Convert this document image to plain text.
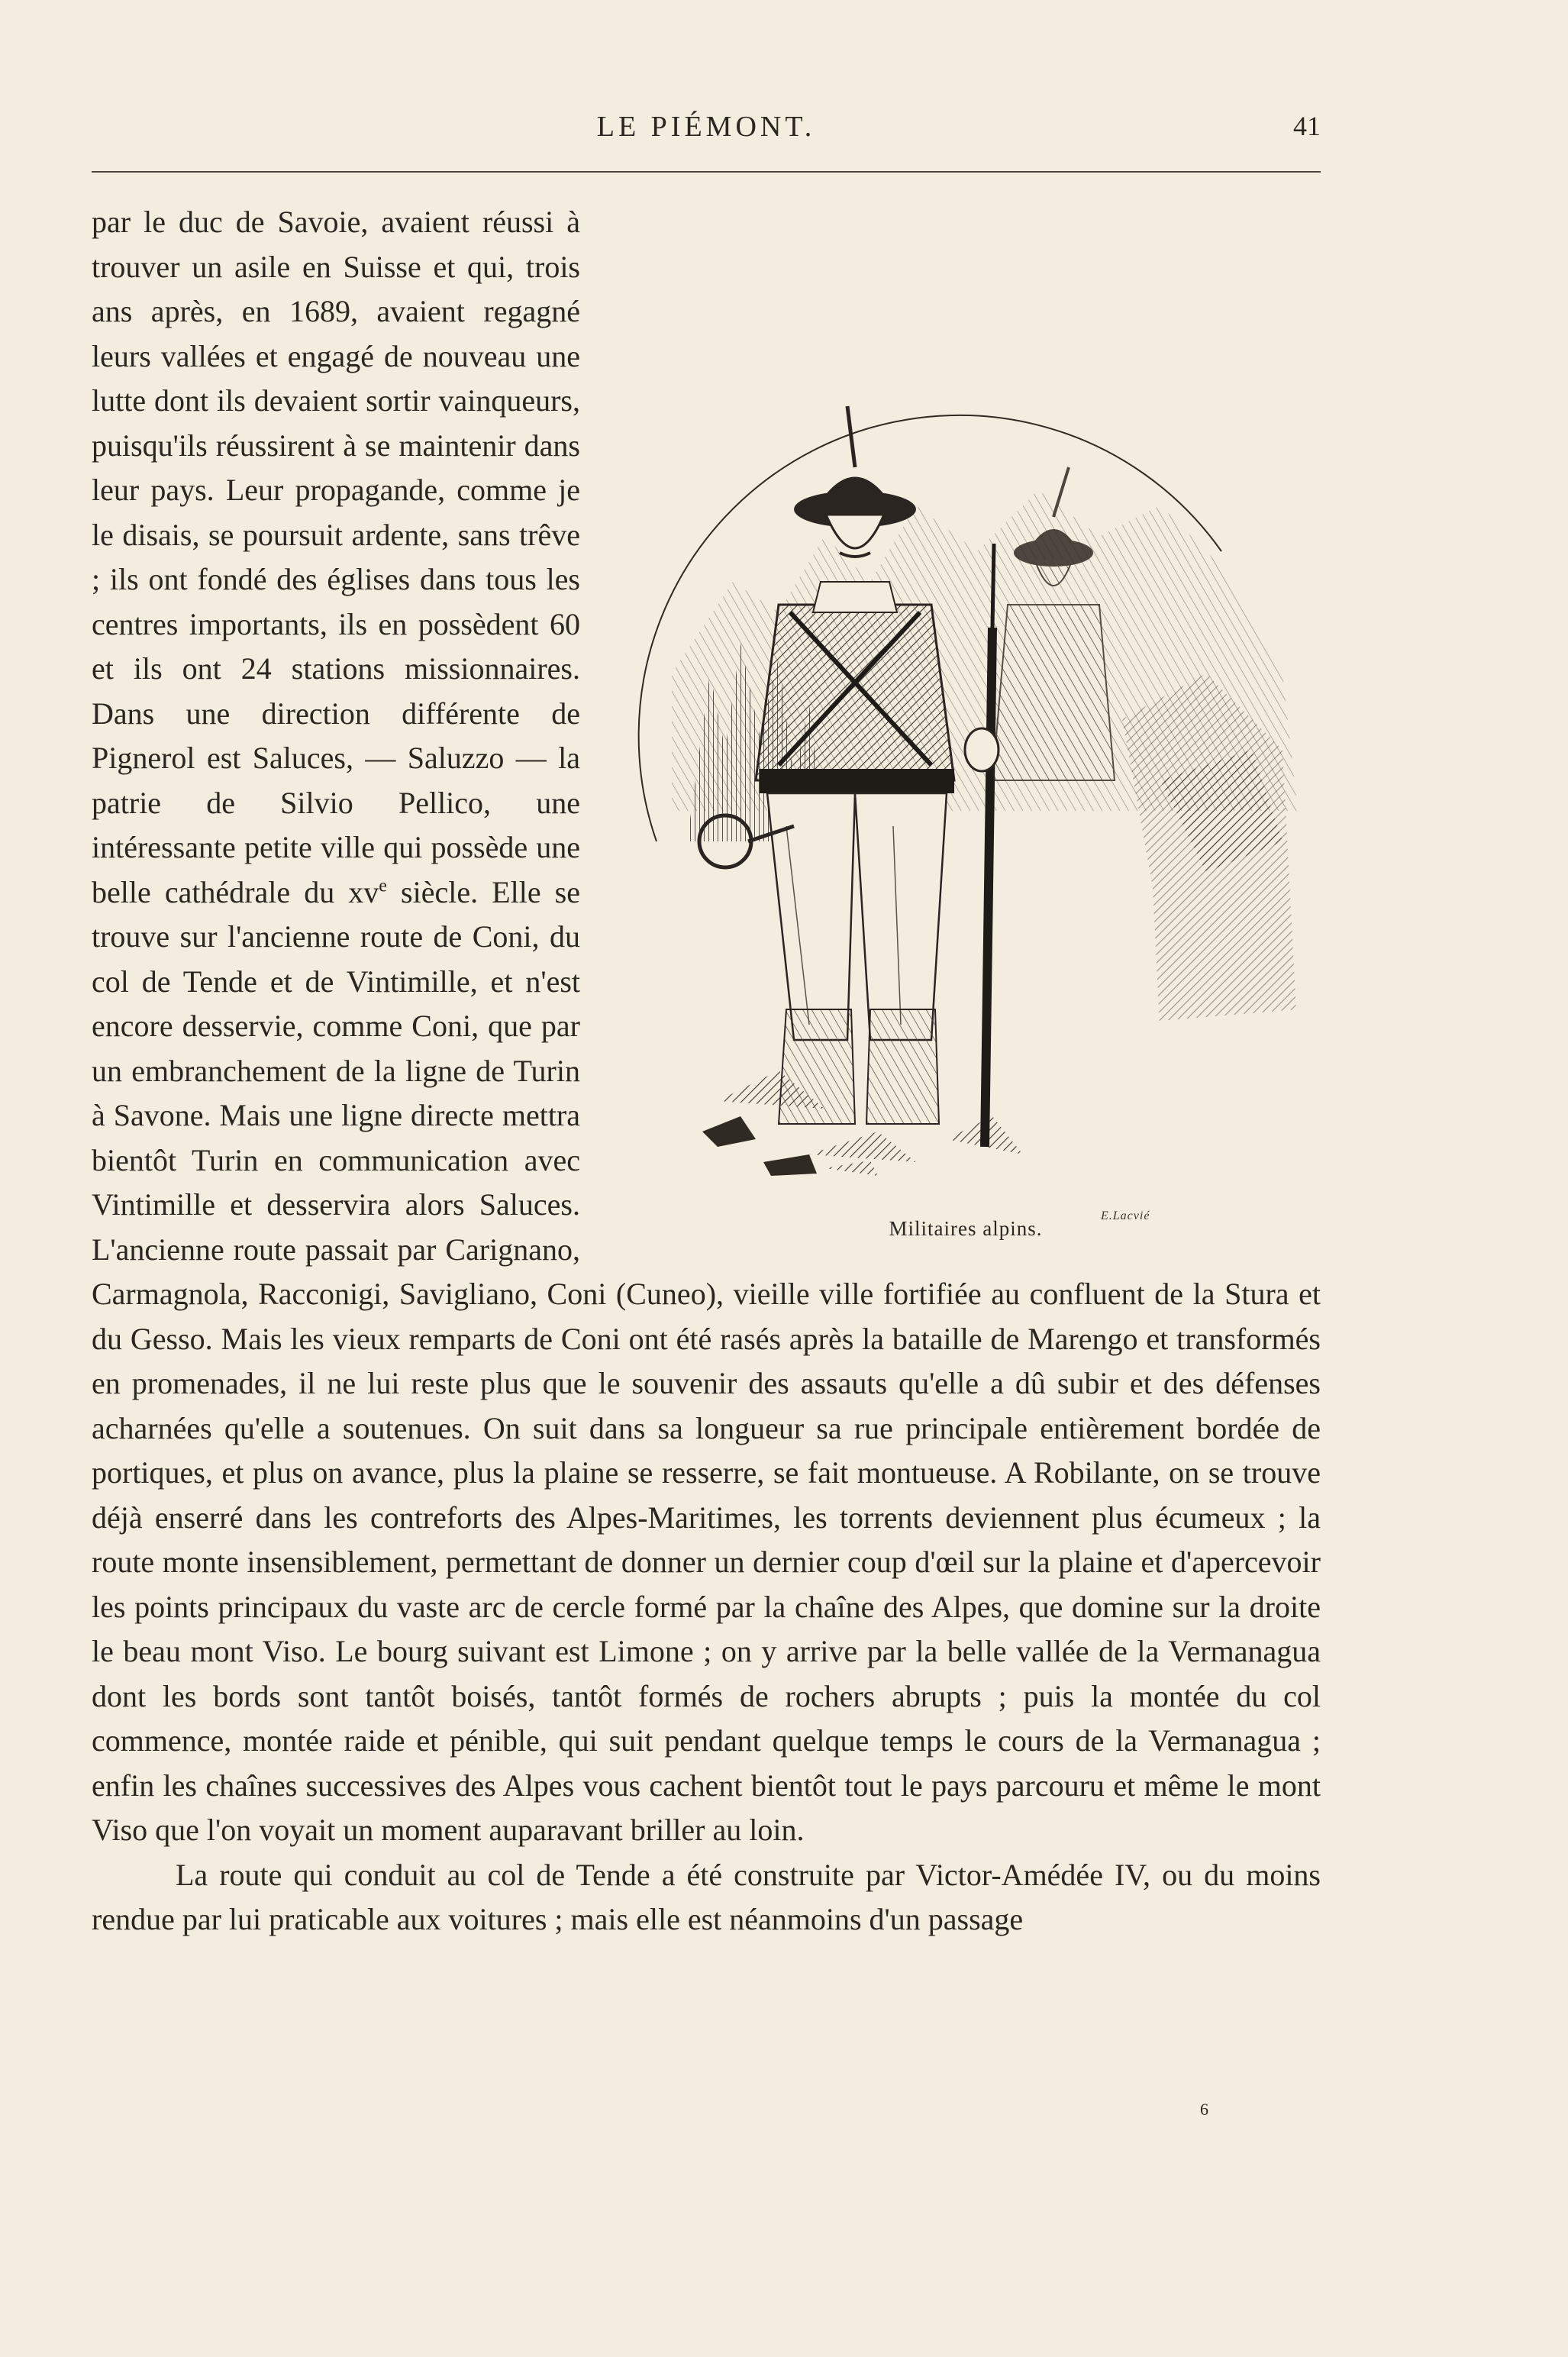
LE PIÉMONT.	41

Militaires alpins.
par le duc de Savoie, avaient réussi à trouver un asile en Suisse et qui, trois ans après, en 1689, avaient regagné leurs vallées et engagé de nouveau une lutte dont ils devaient sortir vainqueurs, puisqu'ils réussirent à se maintenir dans leur pays. Leur propagande, comme je le disais, se poursuit ardente, sans trêve ; ils ont fondé des églises dans tous les centres importants, ils en possèdent 60 et ils ont 24 stations missionnaires. Dans une direction différente de Pignerol est Saluces, — Saluzzo — la patrie de Silvio Pellico, une intéressante petite ville qui possède une belle cathédrale du $xv^e$ siècle. Elle se trouve sur l'ancienne route de Coni, du col de Tende et de Vintimille, et n'est encore desservie, comme Coni, que par un embranchement de la ligne de Turin à Savone. Mais une ligne directe mettra bientôt Turin en communication avec Vintimille et desservira alors Saluces. L'ancienne route passait par Carignano, Carmagnola, Racconigi, Savigliano, Coni (Cuneo), vieille ville fortifiée au confluent de la Stura et du Gesso. Mais les vieux remparts de Coni ont été rasés après la bataille de Marengo et transformés en promenades, il ne lui reste plus que le souvenir des assauts qu'elle a dû subir et des défenses acharnées qu'elle a soutenues. On suit dans sa longueur sa rue principale entièrement bordée de portiques, et plus on avance, plus la plaine se resserre, se fait montueuse. A Robilante, on se trouve déjà enserré dans les contreforts des Alpes-Maritimes, les torrents deviennent plus écumeux ; la route monte insensiblement, permettant de donner un dernier coup d'œil sur la plaine et d'apercevoir les points principaux du vaste arc de cercle formé par la chaîne des Alpes, que domine sur la droite le beau mont Viso. Le bourg suivant est Limone ; on y arrive par la belle vallée de la Vermanagua dont les bords sont tantôt boisés, tantôt formés de rochers abrupts ; puis la montée du col commence, montée raide et pénible, qui suit pendant quelque temps le cours de la Vermanagua ; enfin les chaînes successives des Alpes vous cachent bientôt tout le pays parcouru et même le mont Viso que l'on voyait un moment auparavant briller au loin.

La route qui conduit au col de Tende a été construite par Victor-Amédée IV, ou du moins rendue par lui praticable aux voitures ; mais elle est néanmoins d'un passage

E.Lacvié
6
